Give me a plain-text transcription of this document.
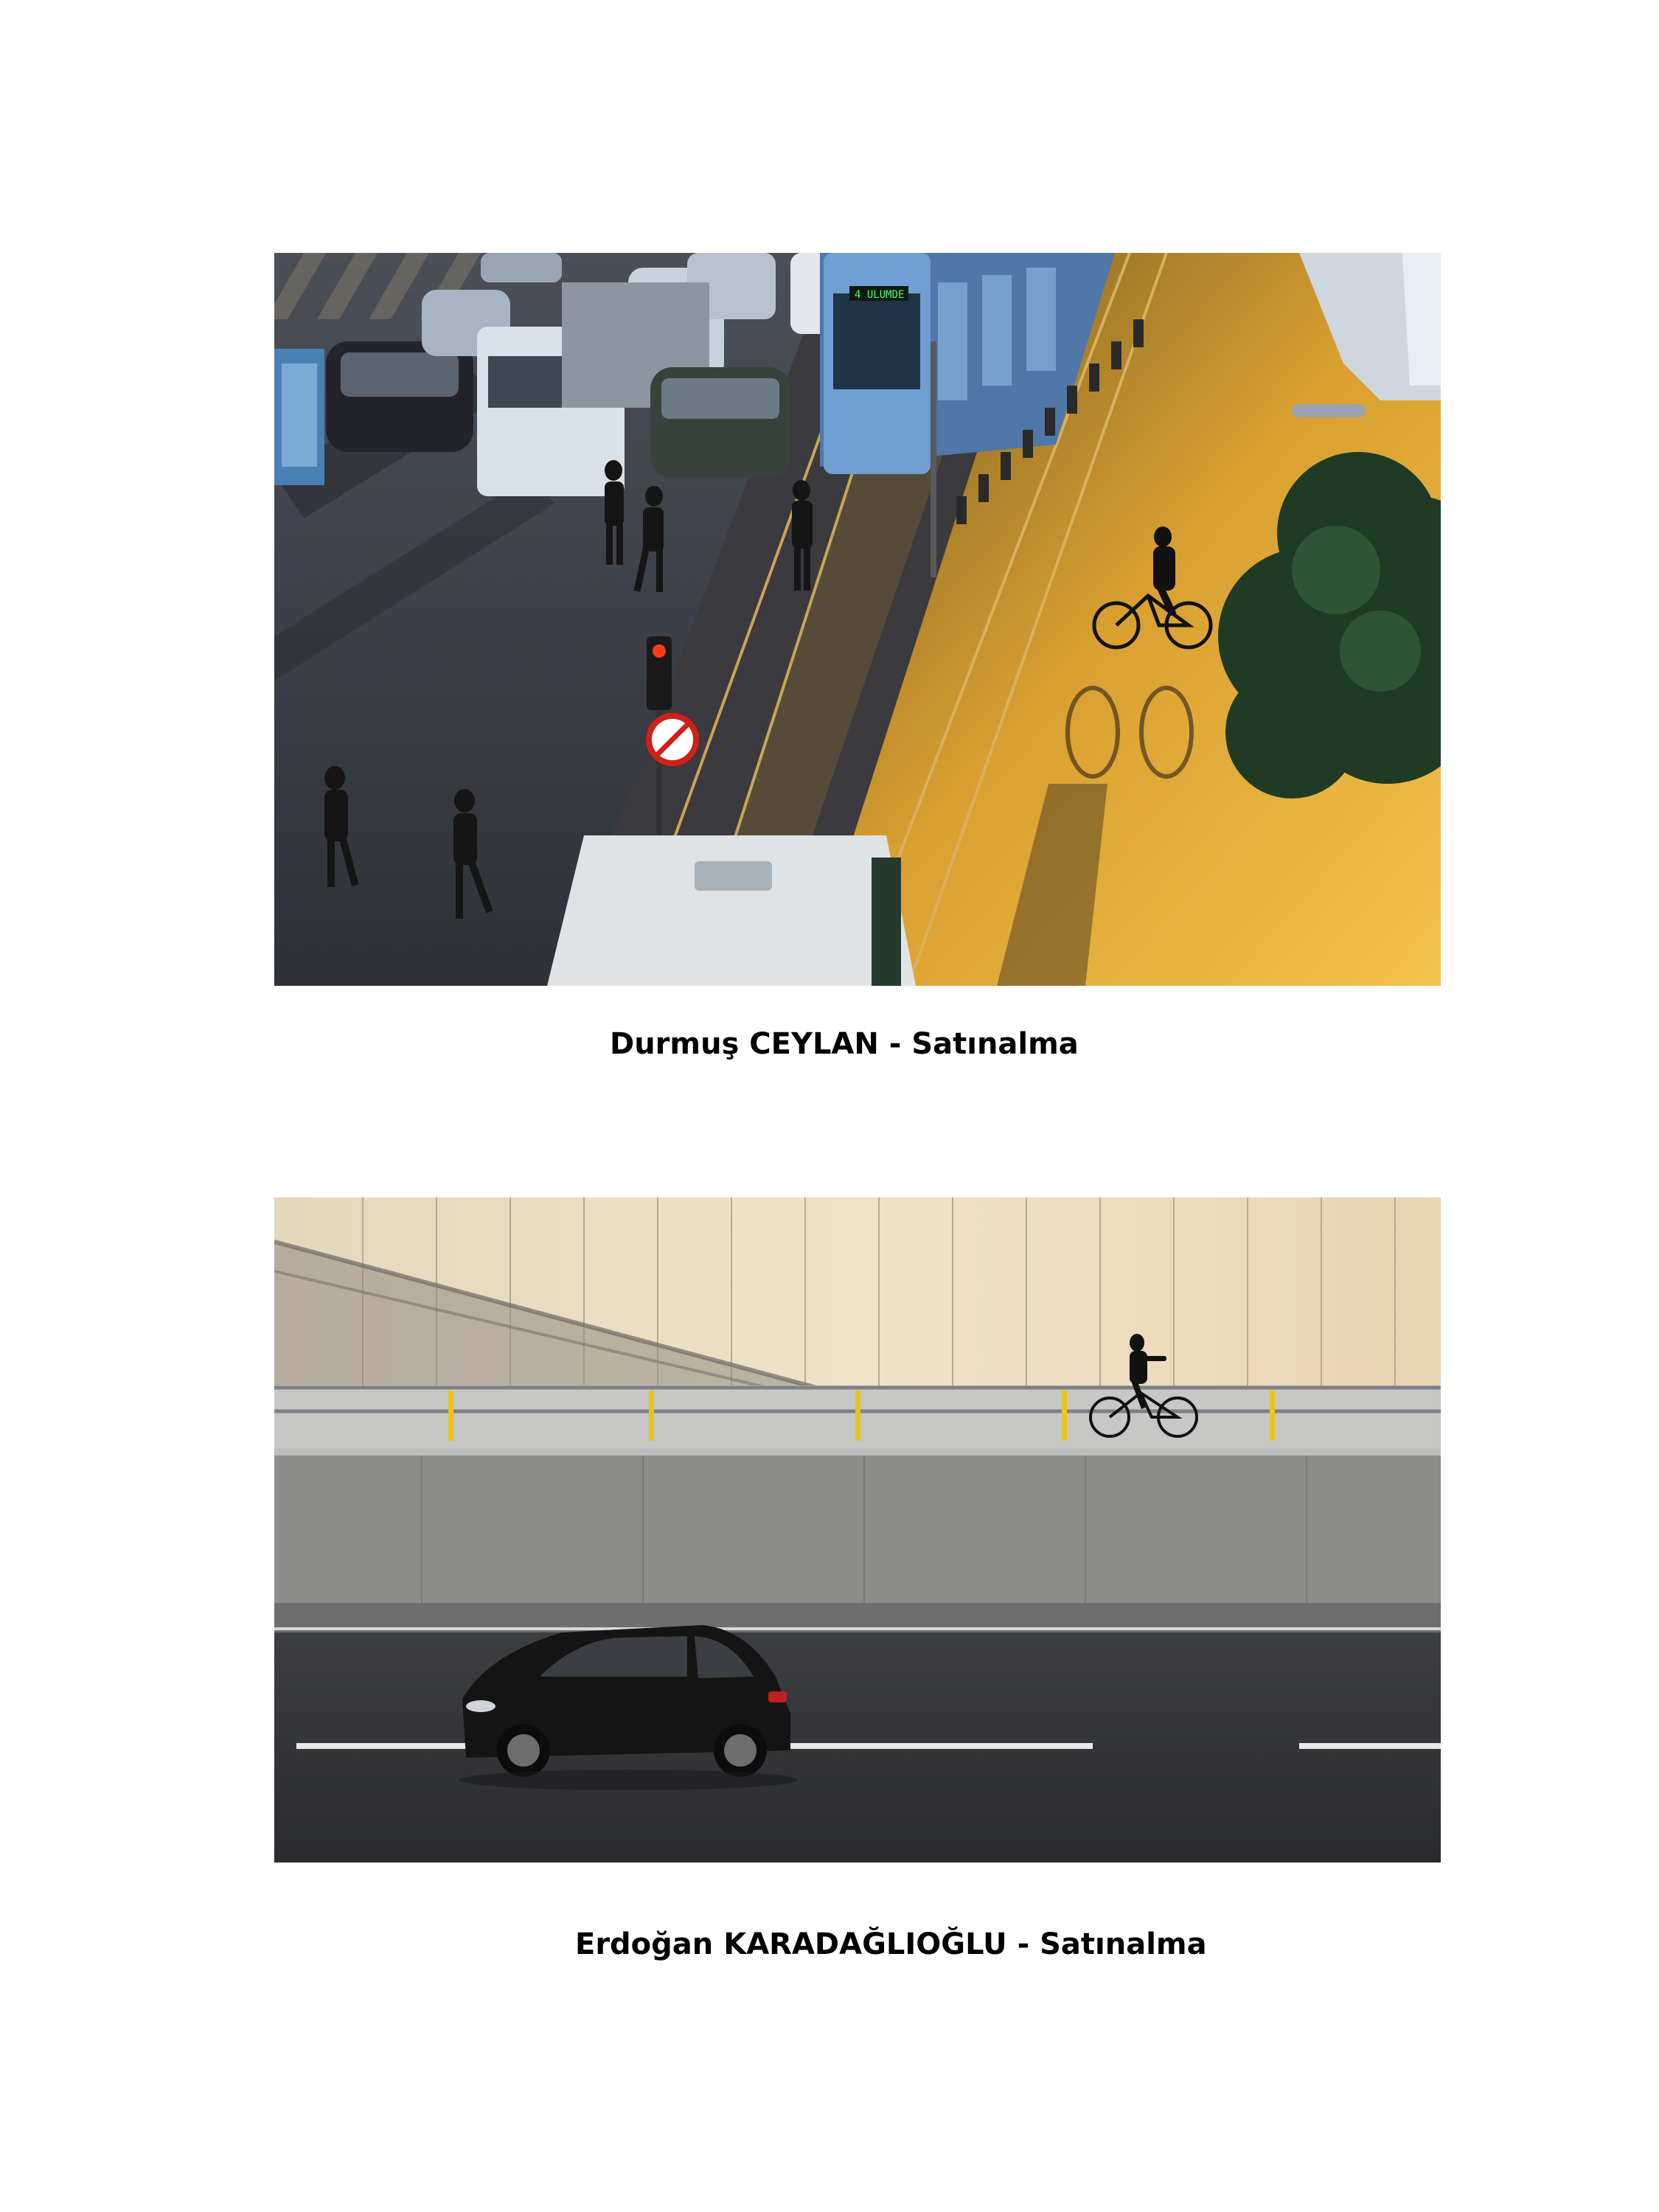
4 ULUMDE
Durmuş CEYLAN - Satınalma
Erdoğan KARADAĞLIOĞLU - Satınalma
